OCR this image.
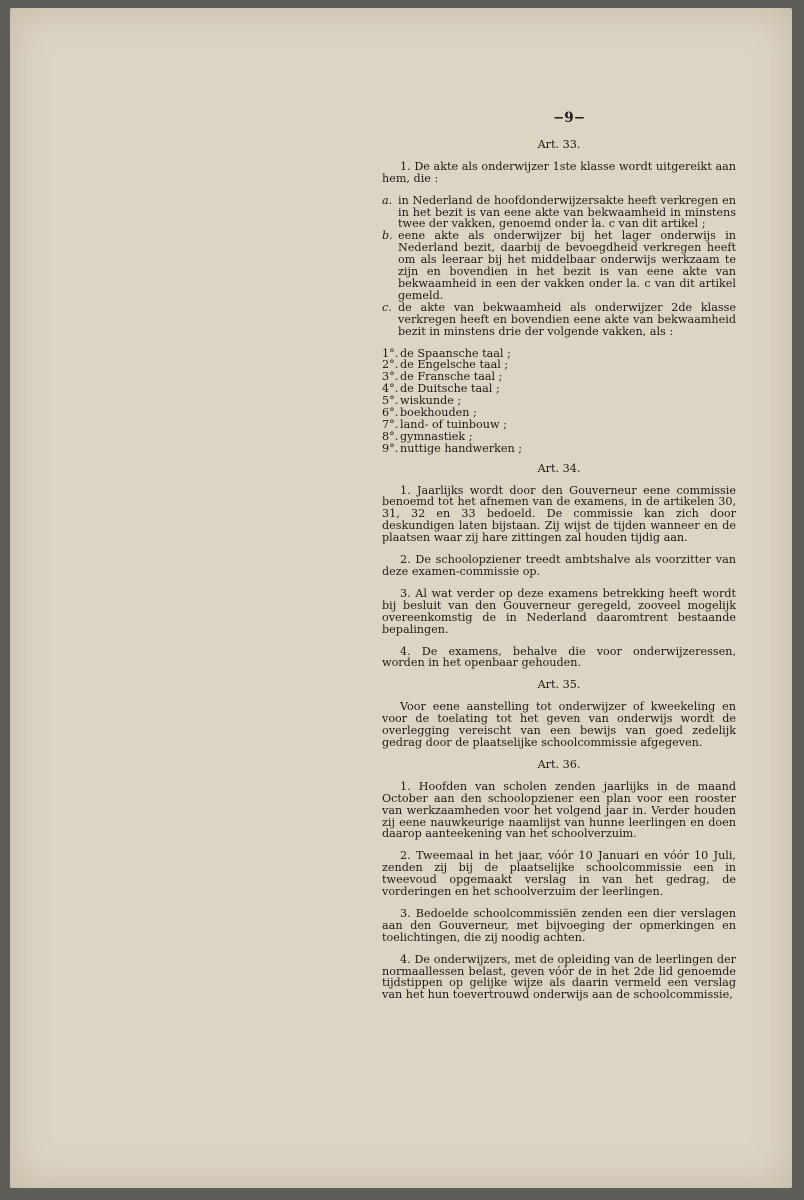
−9−
Art. 33.

1. De akte als onderwijzer 1ste klasse wordt uitgereikt aan hem, die :

a. in Nederland de hoofdonderwijzersakte heeft verkregen en in het bezit is van eene akte van bekwaamheid in minstens twee der vakken, genoemd onder la. c van dit artikel ;
b. eene akte als onderwijzer bij het lager onderwijs in Nederland bezit, daarbij de bevoegdheid verkregen heeft om als leeraar bij het middelbaar onderwijs werkzaam te zijn en bovendien in het bezit is van eene akte van bekwaamheid in een der vakken onder la. c van dit artikel gemeld.
c. de akte van bekwaamheid als onderwijzer 2de klasse verkregen heeft en bovendien eene akte van bekwaamheid bezit in minstens drie der volgende vakken, als :
1°. de Spaansche taal ;
2°. de Engelsche taal ;
3°. de Fransche taal ;
4°. de Duitsche taal ;
5°. wiskunde ;
6°. boekhouden ;
7°. land- of tuinbouw ;
8°. gymnastiek ;
9°. nuttige handwerken ;
Art. 34.

1. Jaarlijks wordt door den Gouverneur eene commissie benoemd tot het afnemen van de examens, in de artikelen 30, 31, 32 en 33 bedoeld. De commissie kan zich door deskundigen laten bijstaan. Zij wijst de tijden wanneer en de plaatsen waar zij hare zittingen zal houden tijdig aan.

2. De schoolopziener treedt ambtshalve als voorzitter van deze examen-commissie op.

3. Al wat verder op deze examens betrekking heeft wordt bij besluit van den Gouverneur geregeld, zooveel mogelijk overeenkomstig de in Nederland daaromtrent bestaande bepalingen.

4. De examens, behalve die voor onderwijzeressen, worden in het openbaar gehouden.

Art. 35.

Voor eene aanstelling tot onderwijzer of kweekeling en voor de toelating tot het geven van onderwijs wordt de overlegging vereischt van een bewijs van goed zedelijk gedrag door de plaatselijke schoolcommissie afgegeven.

Art. 36.

1. Hoofden van scholen zenden jaarlijks in de maand October aan den schoolopziener een plan voor een rooster van werkzaamheden voor het volgend jaar in. Verder houden zij eene nauwkeurige naamlijst van hunne leerlingen en doen daarop aanteekening van het schoolverzuim.

2. Tweemaal in het jaar, vóór 10 Januari en vóór 10 Juli, zenden zij bij de plaatselijke schoolcommissie een in tweevoud opgemaakt verslag in van het gedrag, de vorderingen en het schoolverzuim der leerlingen.

3. Bedoelde schoolcommissiën zenden een dier verslagen aan den Gouverneur, met bijvoeging der opmerkingen en toelichtingen, die zij noodig achten.

4. De onderwijzers, met de opleiding van de leerlingen der normaallessen belast, geven vóór de in het 2de lid genoemde tijdstippen op gelijke wijze als daarin vermeld een verslag van het hun toevertrouwd onderwijs aan de schoolcommissie,
